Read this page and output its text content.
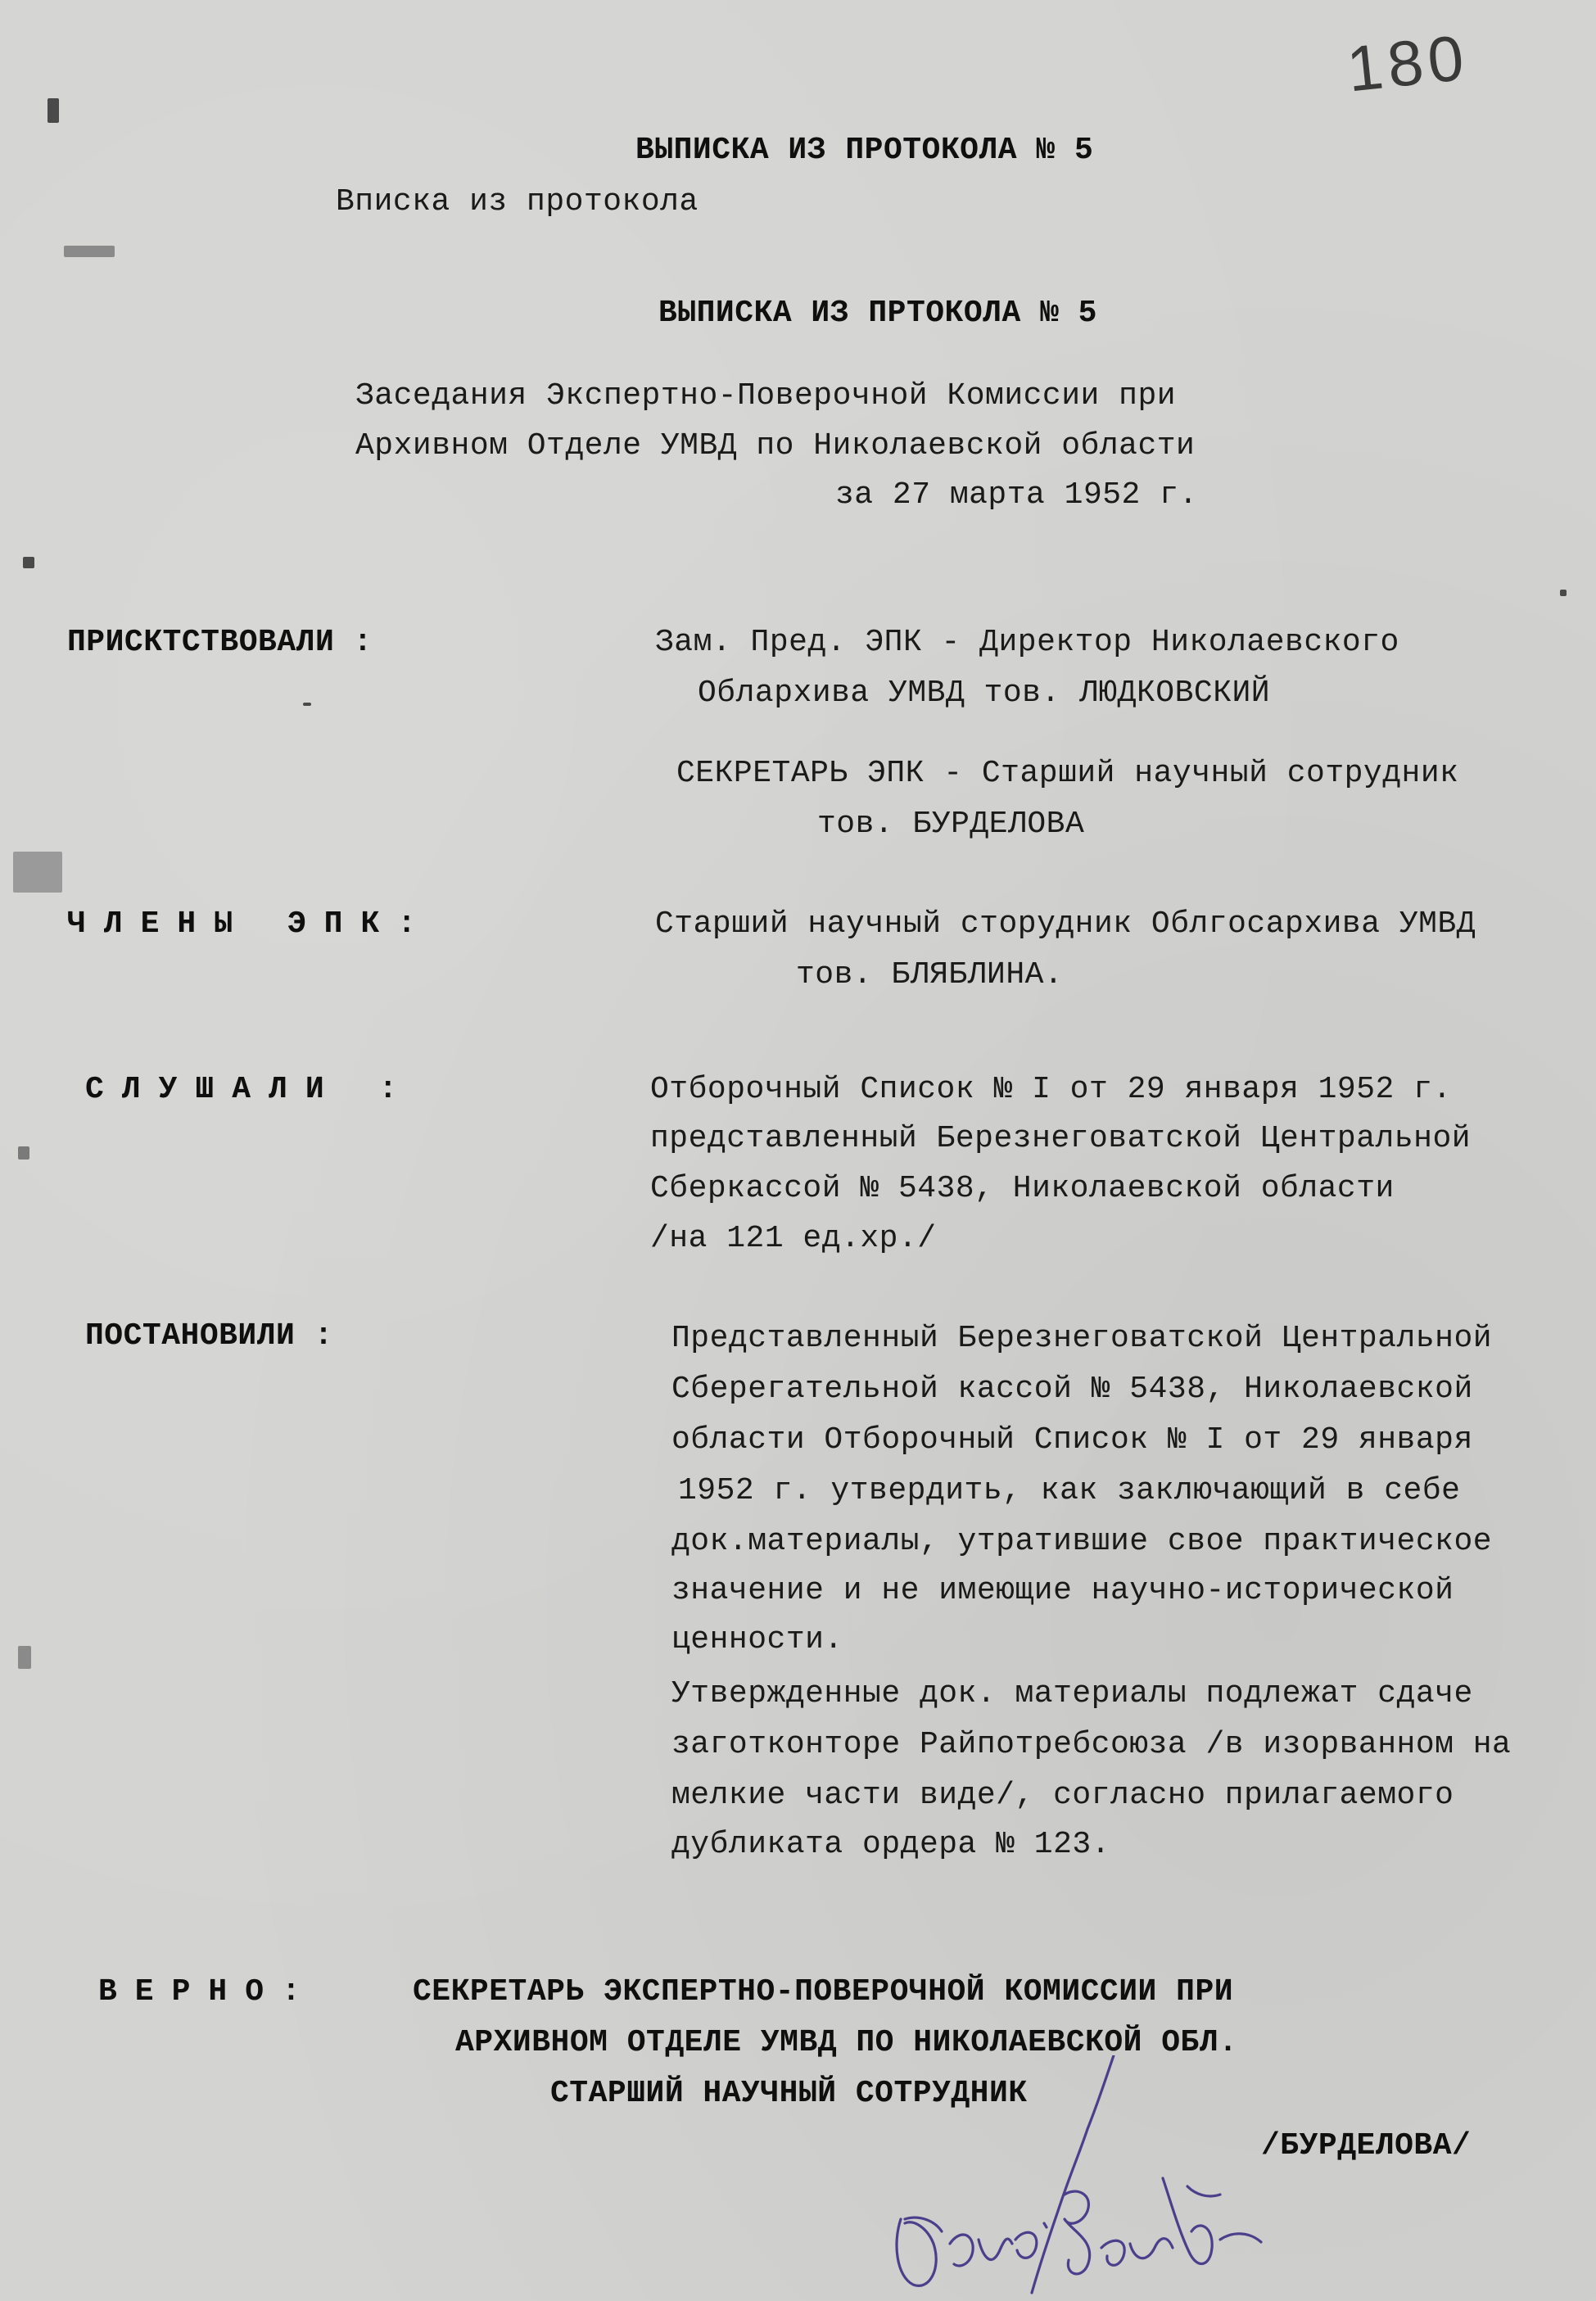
180
ВЫПИСКА ИЗ ПРОТОКОЛА № 5
Вписка из протокола
ВЫПИСКА ИЗ ПРТОКОЛА № 5
Заседания Экспертно-Поверочной Комиссии при
Архивном Отделе УМВД по Николаевской области
за 27 марта 1952 г.
ПРИСКТСТВОВАЛИ :	Зам. Пред. ЭПК - Директор Николаевского
Облархива УМВД тов. ЛЮДКОВСКИЙ
СЕКРЕТАРЬ ЭПК - Старший научный сотрудник
тов. БУРДЕЛОВА
ЧЛЕНЫ ЭПК:	Старший научный сторудник Облгосархива УМВД
тов. БЛЯБЛИНА.
СЛУШАЛИ :	Отборочный Список № I от 29 января 1952 г.
представленный Березнеговатской Центральной
Сберкассой № 5438, Николаевской области
/на 121 ед.хр./
ПОСТАНОВИЛИ :	Представленный Березнеговатской Центральной
Сберегательной кассой № 5438, Николаевской
области Отборочный Список № I от 29 января
1952 г. утвердить, как заключающий в себе
док.материалы, утратившие свое практическое
значение и не имеющие научно-исторической
ценности.
Утвержденные док. материалы подлежат сдаче
заготконторе Райпотребсоюза /в изорванном на
мелкие части виде/, согласно прилагаемого
дубликата ордера № 123.
ВЕРНО:	СЕКРЕТАРЬ ЭКСПЕРТНО-ПОВЕРОЧНОЙ КОМИССИИ ПРИ
АРХИВНОМ ОТДЕЛЕ УМВД ПО НИКОЛАЕВСКОЙ ОБЛ.
СТАРШИЙ НАУЧНЫЙ СОТРУДНИК
/БУРДЕЛОВА/
